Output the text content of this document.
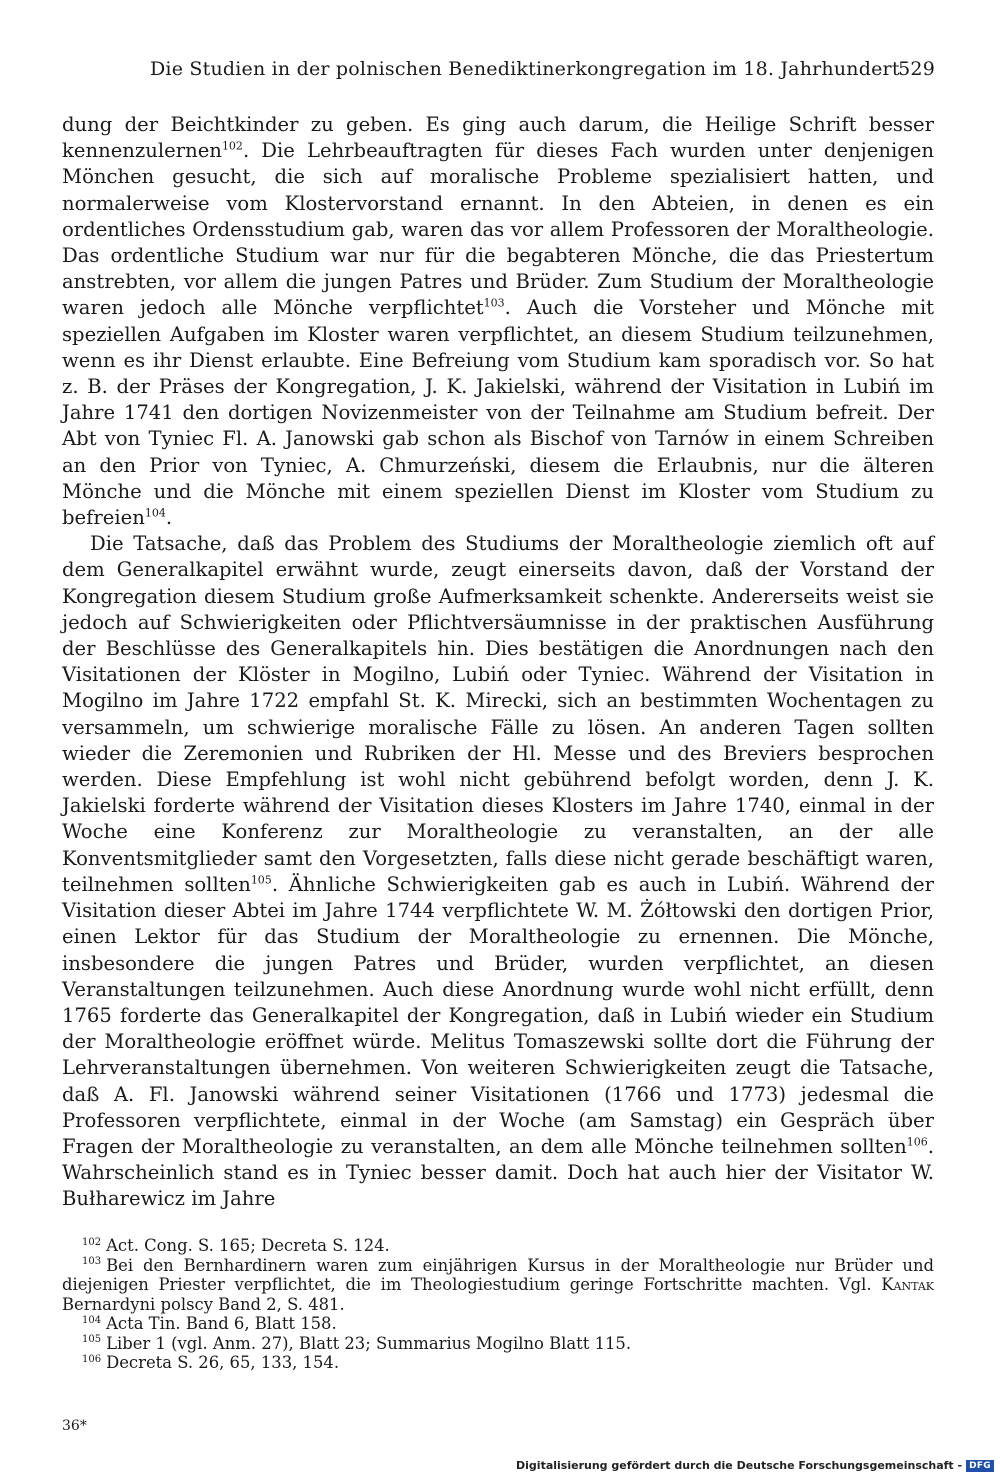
Die Studien in der polnischen Benediktinerkongregation im 18. Jahrhundert
529

dung der Beichtkinder zu geben. Es ging auch darum, die Heilige Schrift besser kennenzulernen$^{102}$. Die Lehrbeauftragten für dieses Fach wurden unter denjenigen Mönchen gesucht, die sich auf moralische Probleme spezialisiert hatten, und normalerweise vom Klostervorstand ernannt. In den Abteien, in denen es ein ordentliches Ordensstudium gab, waren das vor allem Professoren der Moraltheologie. Das ordentliche Studium war nur für die begabteren Mönche, die das Priestertum anstrebten, vor allem die jungen Patres und Brüder. Zum Studium der Moraltheologie waren jedoch alle Mönche verpflichtet$^{103}$. Auch die Vorsteher und Mönche mit speziellen Aufgaben im Kloster waren verpflichtet, an diesem Studium teilzunehmen, wenn es ihr Dienst erlaubte. Eine Befreiung vom Studium kam sporadisch vor. So hat z. B. der Präses der Kongregation, J. K. Jakielski, während der Visitation in Lubiń im Jahre 1741 den dortigen Novizenmeister von der Teilnahme am Studium befreit. Der Abt von Tyniec Fl. A. Janowski gab schon als Bischof von Tarnów in einem Schreiben an den Prior von Tyniec, A. Chmurzeński, diesem die Erlaubnis, nur die älteren Mönche und die Mönche mit einem speziellen Dienst im Kloster vom Studium zu befreien$^{104}$.

Die Tatsache, daß das Problem des Studiums der Moraltheologie ziemlich oft auf dem Generalkapitel erwähnt wurde, zeugt einerseits davon, daß der Vorstand der Kongregation diesem Studium große Aufmerksamkeit schenkte. Andererseits weist sie jedoch auf Schwierigkeiten oder Pflichtversäumnisse in der praktischen Ausführung der Beschlüsse des Generalkapitels hin. Dies bestätigen die Anordnungen nach den Visitationen der Klöster in Mogilno, Lubiń oder Tyniec. Während der Visitation in Mogilno im Jahre 1722 empfahl St. K. Mirecki, sich an bestimmten Wochentagen zu versammeln, um schwierige moralische Fälle zu lösen. An anderen Tagen sollten wieder die Zeremonien und Rubriken der Hl. Messe und des Breviers besprochen werden. Diese Empfehlung ist wohl nicht gebührend befolgt worden, denn J. K. Jakielski forderte während der Visitation dieses Klosters im Jahre 1740, einmal in der Woche eine Konferenz zur Moraltheologie zu veranstalten, an der alle Konventsmitglieder samt den Vorgesetzten, falls diese nicht gerade beschäftigt waren, teilnehmen sollten$^{105}$. Ähnliche Schwierigkeiten gab es auch in Lubiń. Während der Visitation dieser Abtei im Jahre 1744 verpflichtete W. M. Żółtowski den dortigen Prior, einen Lektor für das Studium der Moraltheologie zu ernennen. Die Mönche, insbesondere die jungen Patres und Brüder, wurden verpflichtet, an diesen Veranstaltungen teilzunehmen. Auch diese Anordnung wurde wohl nicht erfüllt, denn 1765 forderte das Generalkapitel der Kongregation, daß in Lubiń wieder ein Studium der Moraltheologie eröffnet würde. Melitus Tomaszewski sollte dort die Führung der Lehrveranstaltungen übernehmen. Von weiteren Schwierigkeiten zeugt die Tatsache, daß A. Fl. Janowski während seiner Visitationen (1766 und 1773) jedesmal die Professoren verpflichtete, einmal in der Woche (am Samstag) ein Gespräch über Fragen der Moraltheologie zu veranstalten, an dem alle Mönche teilnehmen sollten$^{106}$. Wahrscheinlich stand es in Tyniec besser damit. Doch hat auch hier der Visitator W. Bułharewicz im Jahre

$^{102}$ Act. Cong. S. 165; Decreta S. 124.

$^{103}$ Bei den Bernhardinern waren zum einjährigen Kursus in der Moraltheologie nur Brüder und diejenigen Priester verpflichtet, die im Theologiestudium geringe Fortschritte machten. Vgl. Kantak Bernardyni polscy Band 2, S. 481.

$^{104}$ Acta Tin. Band 6, Blatt 158.

$^{105}$ Liber 1 (vgl. Anm. 27), Blatt 23; Summarius Mogilno Blatt 115.

$^{106}$ Decreta S. 26, 65, 133, 154.

36*
Digitalisierung gefördert durch die Deutsche Forschungsgemeinschaft - DFG
